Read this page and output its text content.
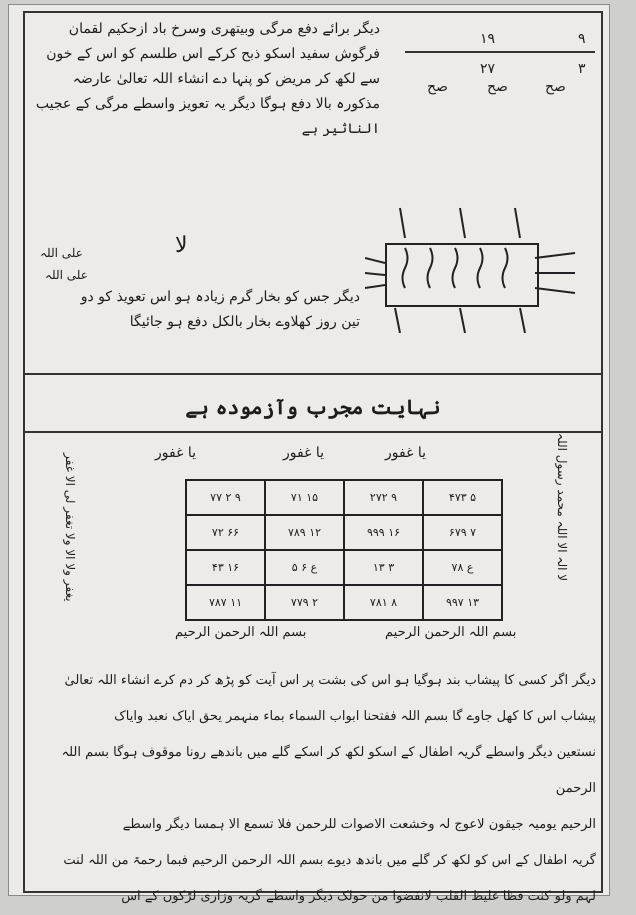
دیگر برائے دفع مرگی وبیتھری وسرخ باد ازحکیم لقمان
فرگوش سفید اسکو ذبح کرکے اس طلسم کو اس کے خون
سے لکھ کر مریض کو پنہا دے انشاء اللہ تعالیٰ عارضہ
مذکورہ بالا دفع ہوگا دیگر یہ تعویز واسطے مرگی کے عجیب
الناثیر ہے
۱۹	۹
۲۷	۳
صح	صح	صح
لا
علی اللہ
علی اللہ
دیگر جس کو بخار گرم زیادہ ہو اس تعویذ کو دو
تین روز کھلاوے بخار بالکل دفع ہو جائیگا
نہایت مجرب وآزمودہ ہے
یا غفور	یا غفور	یا غفور
یغفر ولا الا ولا تغفر لی الا غفر	لا الہ الا اللہ محمد رسول اللہ
۷۷ ۲ ۹	۷۱ ۱۵	۲۷۲ ۹	۴۷۳ ۵
۷۲ ۶۶	۷۸۹ ۱۲	۹۹۹ ۱۶	۶۷۹ ۷
۴۳ ۱۶	ع ۶ ۵	۱۳ ۳	ع ۷۸
۷۸۷ ۱۱	۷۷۹ ۲	۷۸۱ ۸	۹۹۷ ۱۳
بسم اللہ الرحمن الرحیم	بسم اللہ الرحمن الرحیم
دیگر اگر کسی کا پیشاب بند ہوگیا ہو اس کی بشت پر اس آیت کو پڑھ کر دم کرے انشاء اللہ تعالیٰ
پیشاب اس کا کھل جاوے گا بسم اللہ ففتحنا ابواب السماء بماء منہمر یحق ایاک نعبد وایاک
نستعین دیگر واسطے گریہ اطفال کے اسکو لکھ کر اسکے گلے میں باندھے رونا موقوف ہوگا بسم اللہ الرحمن
الرحیم یومیہ جیقون لاعوج لہ وخشعت الاصوات للرحمن فلا تسمع الا ہمسا دیگر واسطے
گریہ اطفال کے اس کو لکھ کر گلے میں باندھ دیوے بسم اللہ الرحمن الرحیم فبما رحمۃ من اللہ لنت
لہم ولو کنت فظا غلیظ القلب لانفضوا من حولک دیگر واسطے گریہ وزاری لڑکوں کے اس
